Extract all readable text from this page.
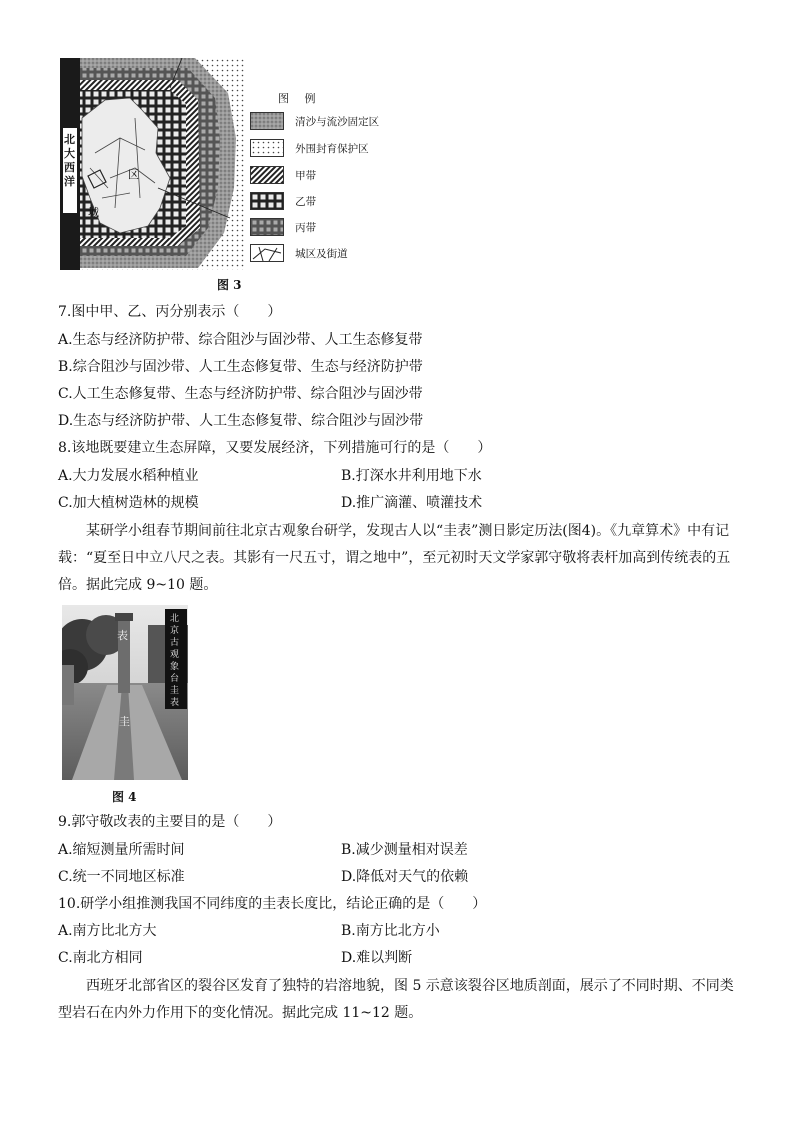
北大西洋
区
城
图 例
清沙与流沙固定区
外围封育保护区
甲带
乙带
丙带
城区及街道
图 3
7.图中甲、乙、丙分别表示（　　）
A.生态与经济防护带、综合阻沙与固沙带、人工生态修复带
B.综合阻沙与固沙带、人工生态修复带、生态与经济防护带
C.人工生态修复带、生态与经济防护带、综合阻沙与固沙带
D.生态与经济防护带、人工生态修复带、综合阻沙与固沙带
8.该地既要建立生态屏障，又要发展经济，下列措施可行的是（　　）
A.大力发展水稻种植业	B.打深水井利用地下水
C.加大植树造林的规模	D.推广滴灌、喷灌技术
某研学小组春节期间前往北京古观象台研学，发现古人以“圭表”测日影定历法(图4)。《九章算术》中有记载：“夏至日中立八尺之表。其影有一尺五寸，谓之地中”，至元初时天文学家郭守敬将表杆加高到传统表的五倍。据此完成 9~10 题。
表
圭
北京古观象台圭表
图 4
9.郭守敬改表的主要目的是（　　）
A.缩短测量所需时间	B.减少测量相对误差
C.统一不同地区标准	D.降低对天气的依赖
10.研学小组推测我国不同纬度的圭表长度比，结论正确的是（　　）
A.南方比北方大	B.南方比北方小
C.南北方相同	D.难以判断
西班牙北部省区的裂谷区发育了独特的岩溶地貌，图 5 示意该裂谷区地质剖面，展示了不同时期、不同类型岩石在内外力作用下的变化情况。据此完成 11~12 题。
